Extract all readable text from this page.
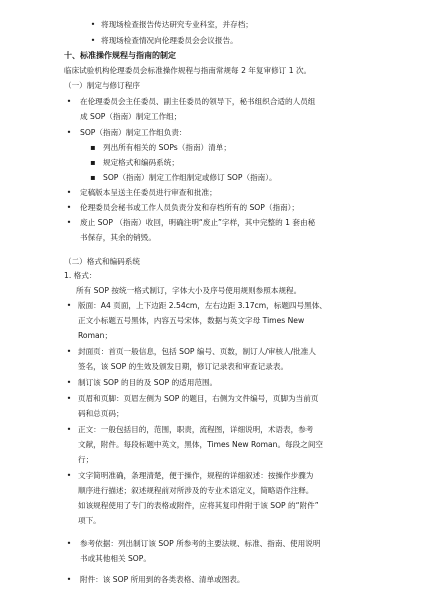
• 将现场检查报告传达研究专业科室，并存档；
• 将现场检查情况向伦理委员会会议报告。
十、标准操作规程与指南的制定
临床试验机构伦理委员会标准操作规程与指南常规每 2 年复审修订 1 次。
（一）制定与修订程序
•	在伦理委员会主任委员、副主任委员的领导下，秘书组织合适的人员组
成 SOP（指南）制定工作组；
•	SOP（指南）制定工作组负责：
▪ 列出所有相关的 SOPs（指南）清单；
▪ 规定格式和编码系统；
▪ SOP（指南）制定工作组制定或修订 SOP（指南）。
•	定稿版本呈送主任委员进行审查和批准；
•	伦理委员会秘书或工作人员负责分发和存档所有的 SOP（指南）；
•	废止 SOP （指南）收回，明确注明“废止”字样，其中完整的 1 套由秘
书保存，其余的销毁。
（二）格式和编码系统
1. 格式：
所有 SOP 按统一格式制订，字体大小及序号使用规则参照本规程。
• 版面：A4 页面，上下边距 2.54cm，左右边距 3.17cm，标题四号黑体、
正文小标题五号黑体，内容五号宋体，数据与英文字母 Times New
Roman；
• 封面页：首页一般信息，包括 SOP 编号、页数，制订人/审核人/批准人
签名，该 SOP 的生效及颁发日期，修订记录表和审查记录表。
• 制订该 SOP 的目的及 SOP 的适用范围。
• 页眉和页脚：页眉左侧为 SOP 的题目，右侧为文件编号，页脚为当前页
码和总页码；
• 正文：一般包括目的，范围，职责，流程图，详细说明，术语表，参考
文献，附件。每段标题中英文，黑体，Times New Roman。每段之间空
行；
• 文字简明准确，条理清楚，便于操作，规程的详细叙述：按操作步骤为
顺序进行描述；叙述规程前对所涉及的专业术语定义，简略语作注释。
如该规程使用了专门的表格或附件，应将其复印件附于该 SOP 的“附件”
项下。
•	参考依据：列出制订该 SOP 所参考的主要法规、标准、指南、使用说明
书或其他相关 SOP。
•	附件：该 SOP 所用到的各类表格、清单或图表。
